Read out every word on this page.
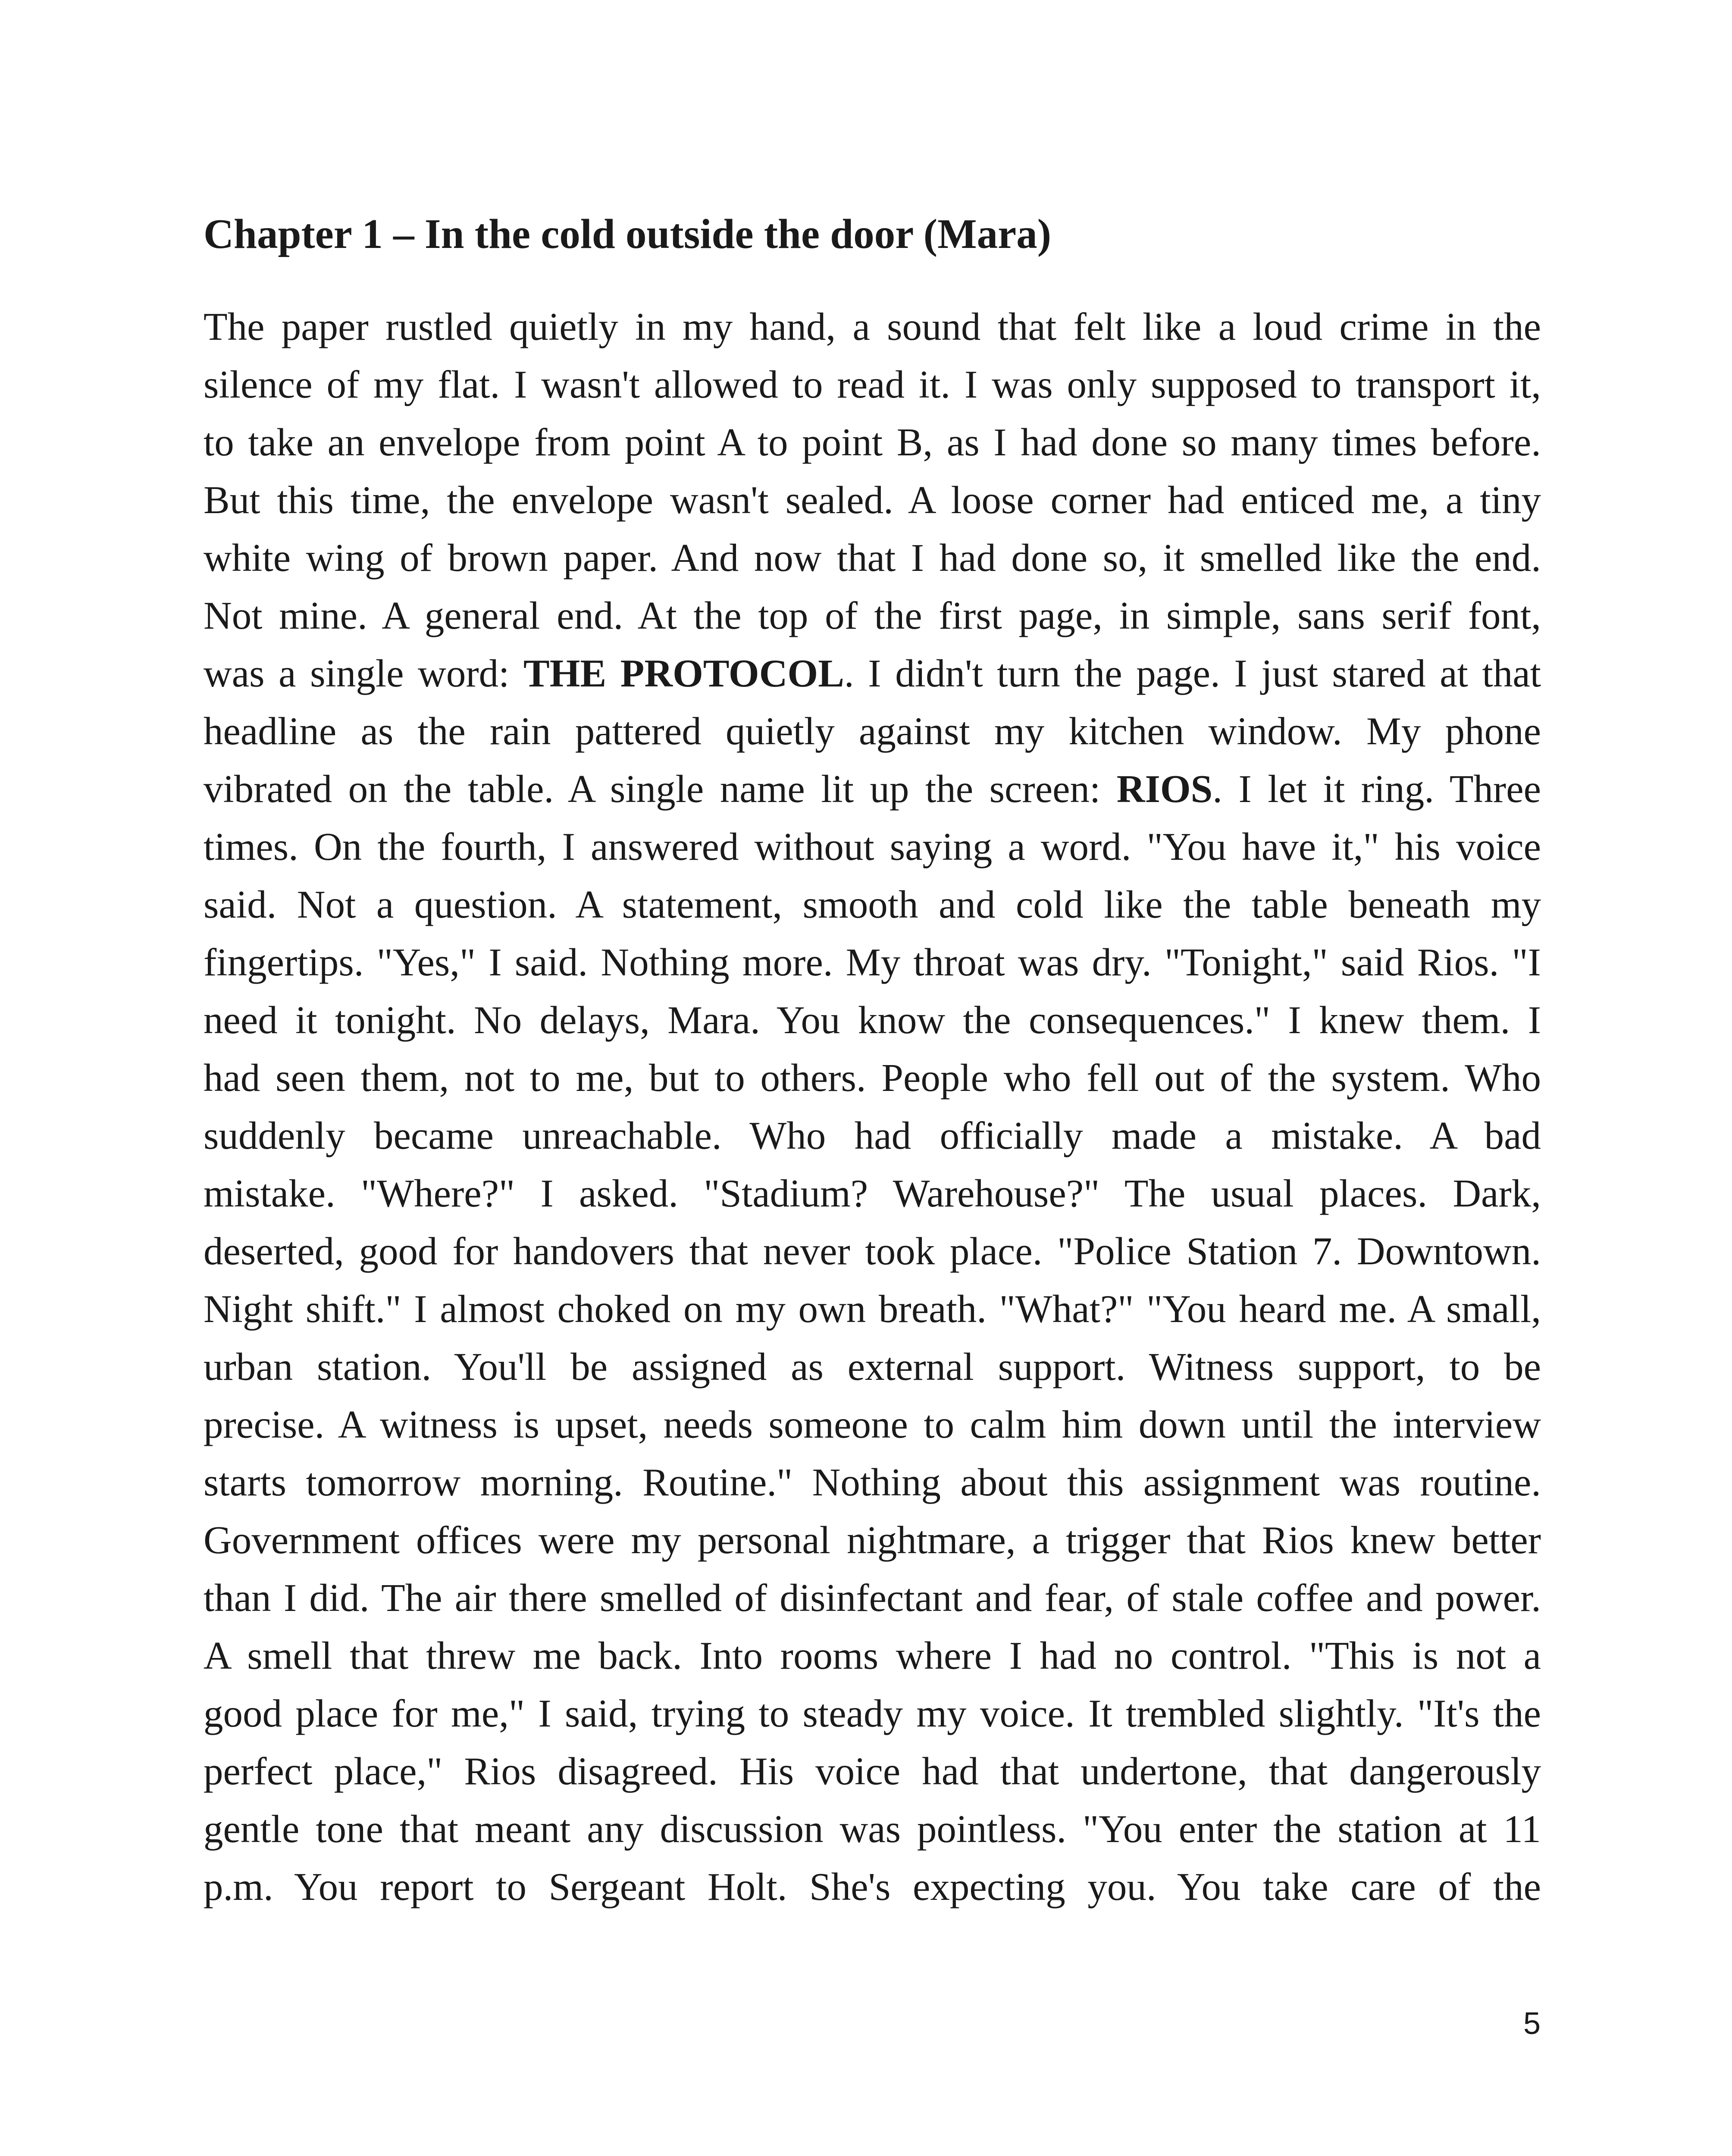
Chapter 1 – In the cold outside the door (Mara)

The paper rustled quietly in my hand, a sound that felt like a loud crime in the

silence of my flat. I wasn't allowed to read it. I was only supposed to transport it,

to take an envelope from point A to point B, as I had done so many times before.

But this time, the envelope wasn't sealed. A loose corner had enticed me, a tiny

white wing of brown paper. And now that I had done so, it smelled like the end.

Not mine. A general end. At the top of the first page, in simple, sans serif font,

was a single word: THE PROTOCOL. I didn't turn the page. I just stared at that

headline as the rain pattered quietly against my kitchen window. My phone

vibrated on the table. A single name lit up the screen: RIOS. I let it ring. Three

times. On the fourth, I answered without saying a word. "You have it," his voice

said. Not a question. A statement, smooth and cold like the table beneath my

fingertips. "Yes," I said. Nothing more. My throat was dry. "Tonight," said Rios. "I

need it tonight. No delays, Mara. You know the consequences." I knew them. I

had seen them, not to me, but to others. People who fell out of the system. Who

suddenly became unreachable. Who had officially made a mistake. A bad

mistake. "Where?" I asked. "Stadium? Warehouse?" The usual places. Dark,

deserted, good for handovers that never took place. "Police Station 7. Downtown.

Night shift." I almost choked on my own breath. "What?" "You heard me. A small,

urban station. You'll be assigned as external support. Witness support, to be

precise. A witness is upset, needs someone to calm him down until the interview

starts tomorrow morning. Routine." Nothing about this assignment was routine.

Government offices were my personal nightmare, a trigger that Rios knew better

than I did. The air there smelled of disinfectant and fear, of stale coffee and power.

A smell that threw me back. Into rooms where I had no control. "This is not a

good place for me," I said, trying to steady my voice. It trembled slightly. "It's the

perfect place," Rios disagreed. His voice had that undertone, that dangerously

gentle tone that meant any discussion was pointless. "You enter the station at 11

p.m. You report to Sergeant Holt. She's expecting you. You take care of the

5
